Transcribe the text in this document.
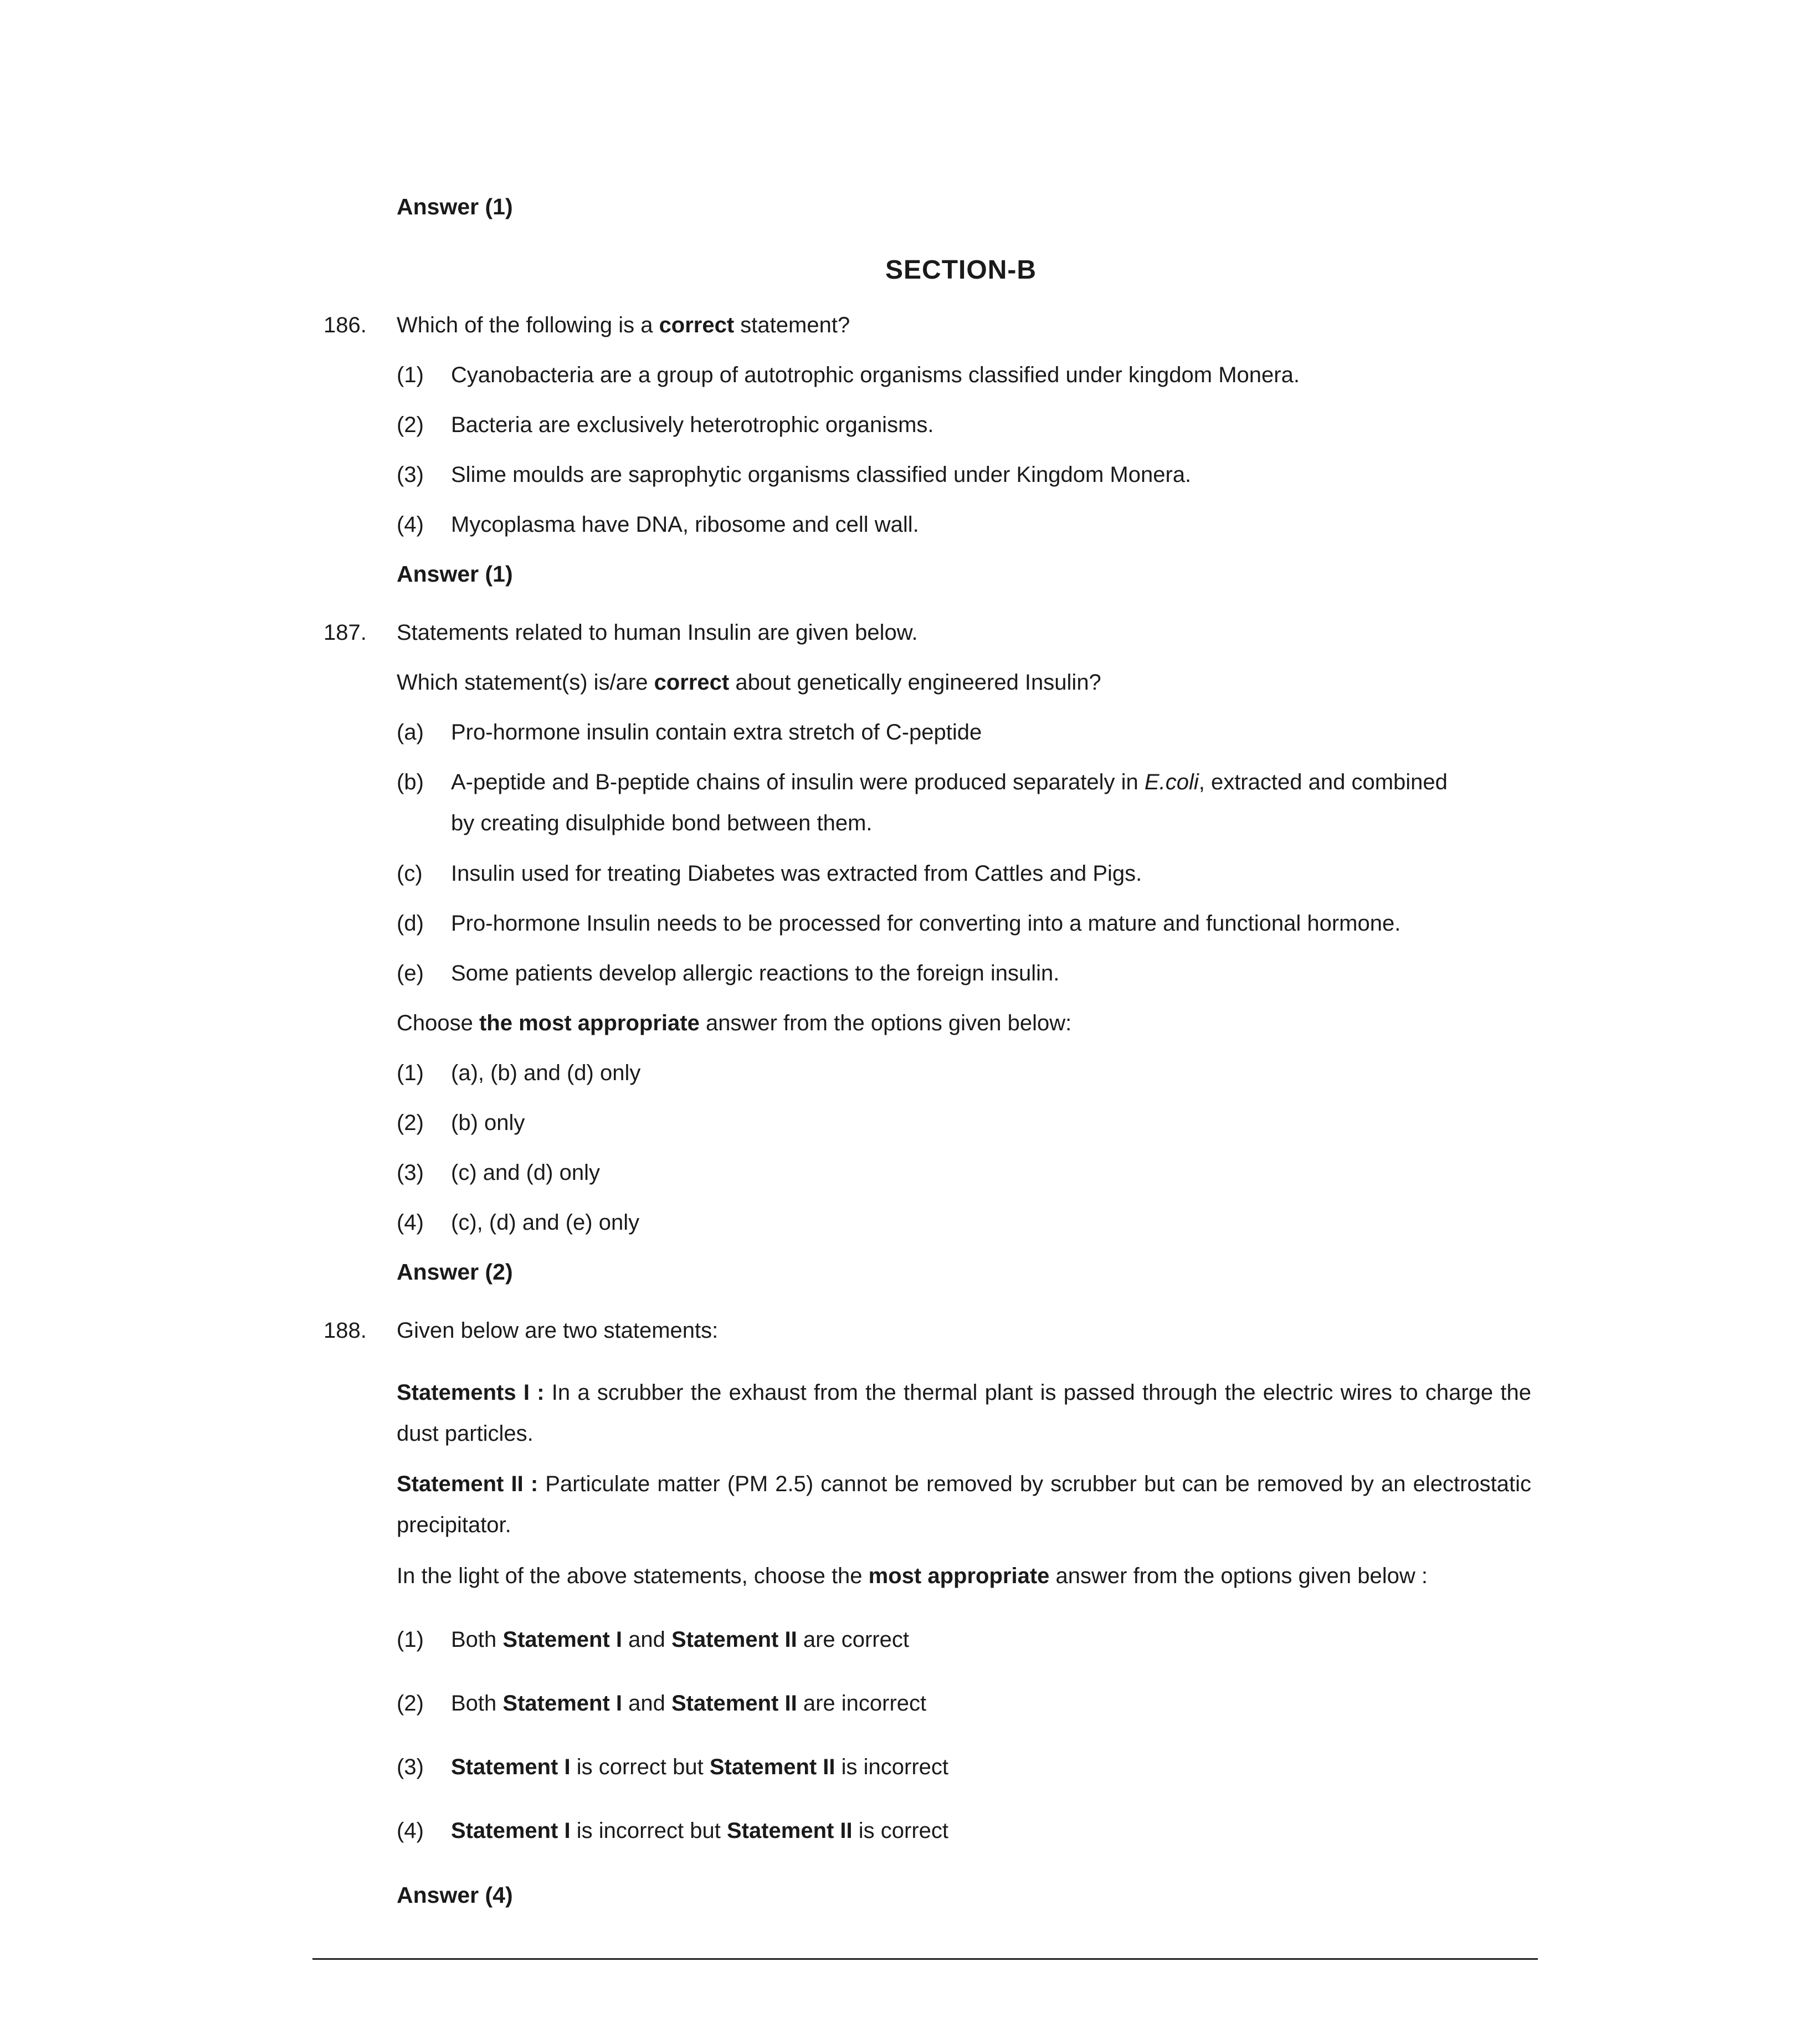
Answer (1)
SECTION-B
186. Which of the following is a correct statement?
(1) Cyanobacteria are a group of autotrophic organisms classified under kingdom Monera.
(2) Bacteria are exclusively heterotrophic organisms.
(3) Slime moulds are saprophytic organisms classified under Kingdom Monera.
(4) Mycoplasma have DNA, ribosome and cell wall.
Answer (1)
187. Statements related to human Insulin are given below.
Which statement(s) is/are correct about genetically engineered Insulin?
(a) Pro-hormone insulin contain extra stretch of C-peptide
(b) A-peptide and B-peptide chains of insulin were produced separately in E.coli, extracted and combined
by creating disulphide bond between them.
(c) Insulin used for treating Diabetes was extracted from Cattles and Pigs.
(d) Pro-hormone Insulin needs to be processed for converting into a mature and functional hormone.
(e) Some patients develop allergic reactions to the foreign insulin.
Choose the most appropriate answer from the options given below:
(1) (a), (b) and (d) only
(2) (b) only
(3) (c) and (d) only
(4) (c), (d) and (e) only
Answer (2)
188. Given below are two statements:
Statements I : In a scrubber the exhaust from the thermal plant is passed through the electric wires to charge the dust particles.
Statement II : Particulate matter (PM 2.5) cannot be removed by scrubber but can be removed by an electrostatic precipitator.
In the light of the above statements, choose the most appropriate answer from the options given below :
(1) Both Statement I and Statement II are correct
(2) Both Statement I and Statement II are incorrect
(3) Statement I is correct but Statement II is incorrect
(4) Statement I is incorrect but Statement II is correct
Answer (4)
